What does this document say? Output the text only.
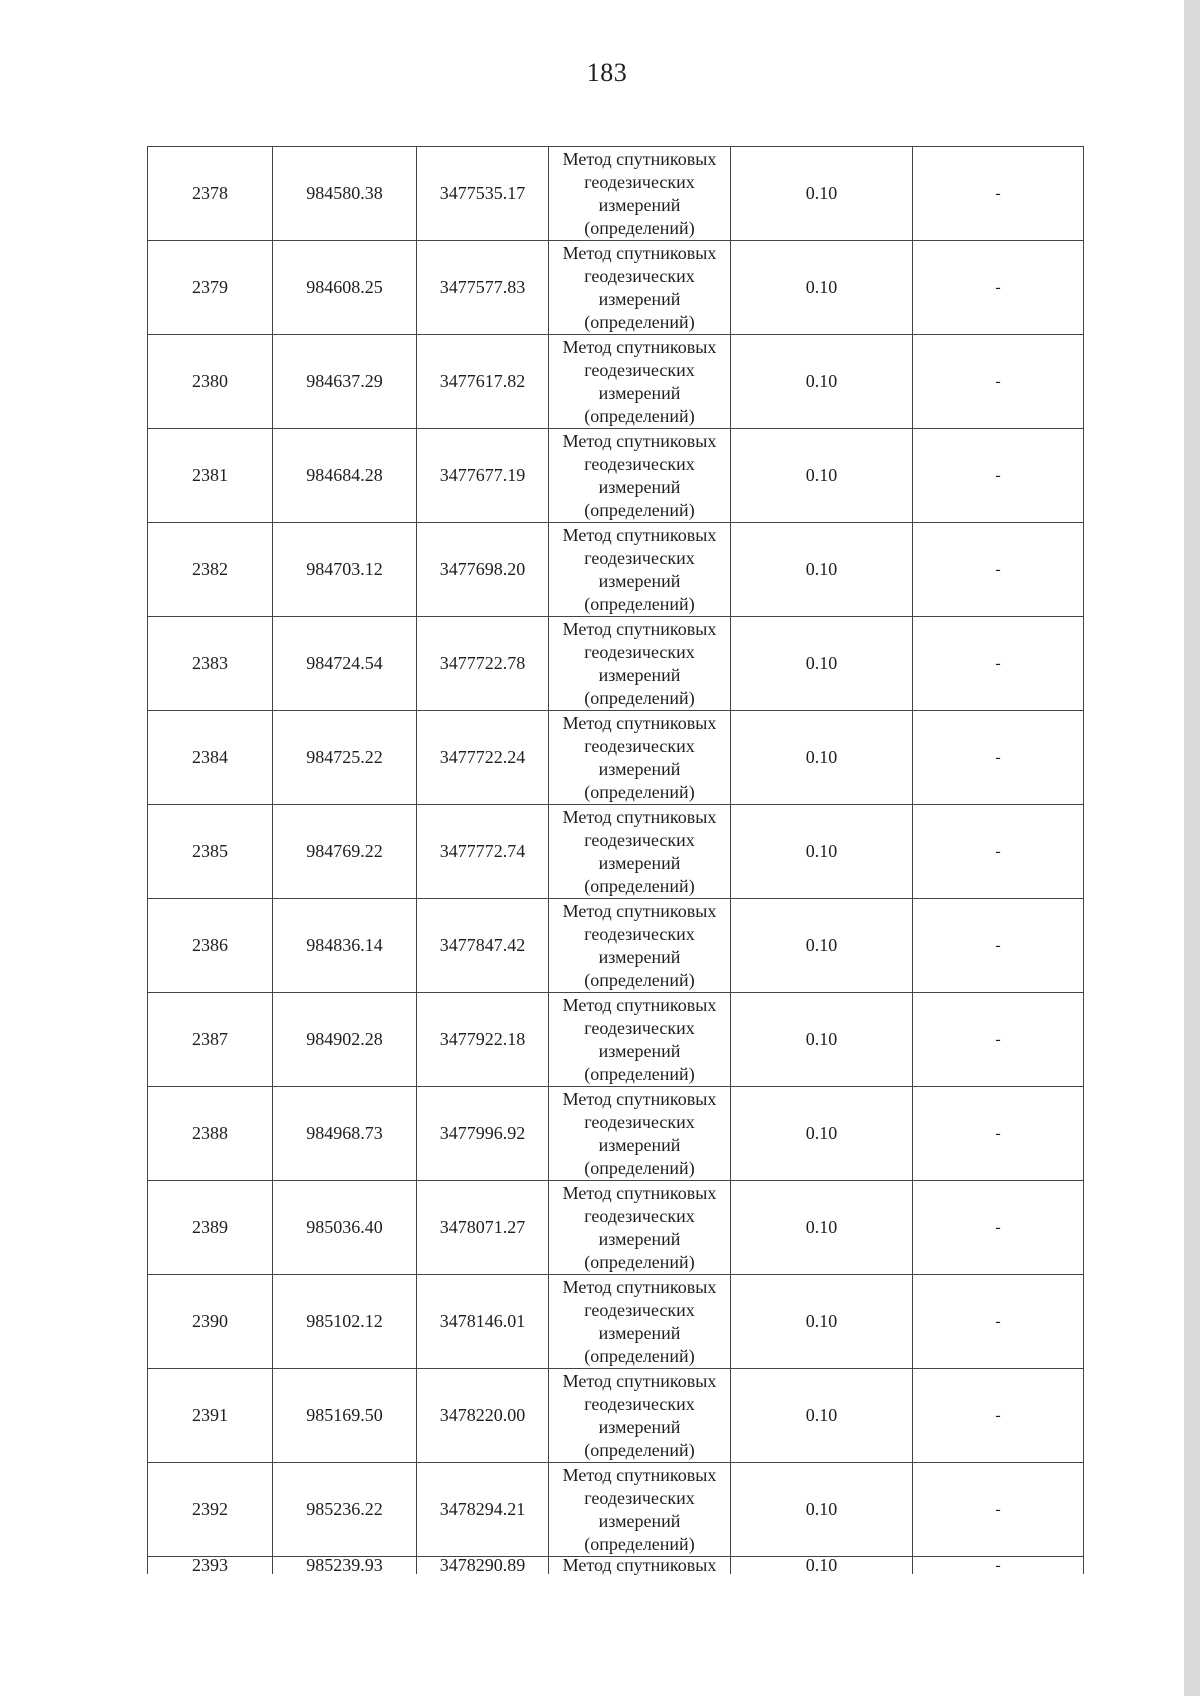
183
2378	984580.38	3477535.17	Метод спутниковых
геодезических
измерений
(определений)	0.10	-
2379	984608.25	3477577.83	Метод спутниковых
геодезических
измерений
(определений)	0.10	-
2380	984637.29	3477617.82	Метод спутниковых
геодезических
измерений
(определений)	0.10	-
2381	984684.28	3477677.19	Метод спутниковых
геодезических
измерений
(определений)	0.10	-
2382	984703.12	3477698.20	Метод спутниковых
геодезических
измерений
(определений)	0.10	-
2383	984724.54	3477722.78	Метод спутниковых
геодезических
измерений
(определений)	0.10	-
2384	984725.22	3477722.24	Метод спутниковых
геодезических
измерений
(определений)	0.10	-
2385	984769.22	3477772.74	Метод спутниковых
геодезических
измерений
(определений)	0.10	-
2386	984836.14	3477847.42	Метод спутниковых
геодезических
измерений
(определений)	0.10	-
2387	984902.28	3477922.18	Метод спутниковых
геодезических
измерений
(определений)	0.10	-
2388	984968.73	3477996.92	Метод спутниковых
геодезических
измерений
(определений)	0.10	-
2389	985036.40	3478071.27	Метод спутниковых
геодезических
измерений
(определений)	0.10	-
2390	985102.12	3478146.01	Метод спутниковых
геодезических
измерений
(определений)	0.10	-
2391	985169.50	3478220.00	Метод спутниковых
геодезических
измерений
(определений)	0.10	-
2392	985236.22	3478294.21	Метод спутниковых
геодезических
измерений
(определений)	0.10	-
2393	985239.93	3478290.89	Метод спутниковых	0.10	-
